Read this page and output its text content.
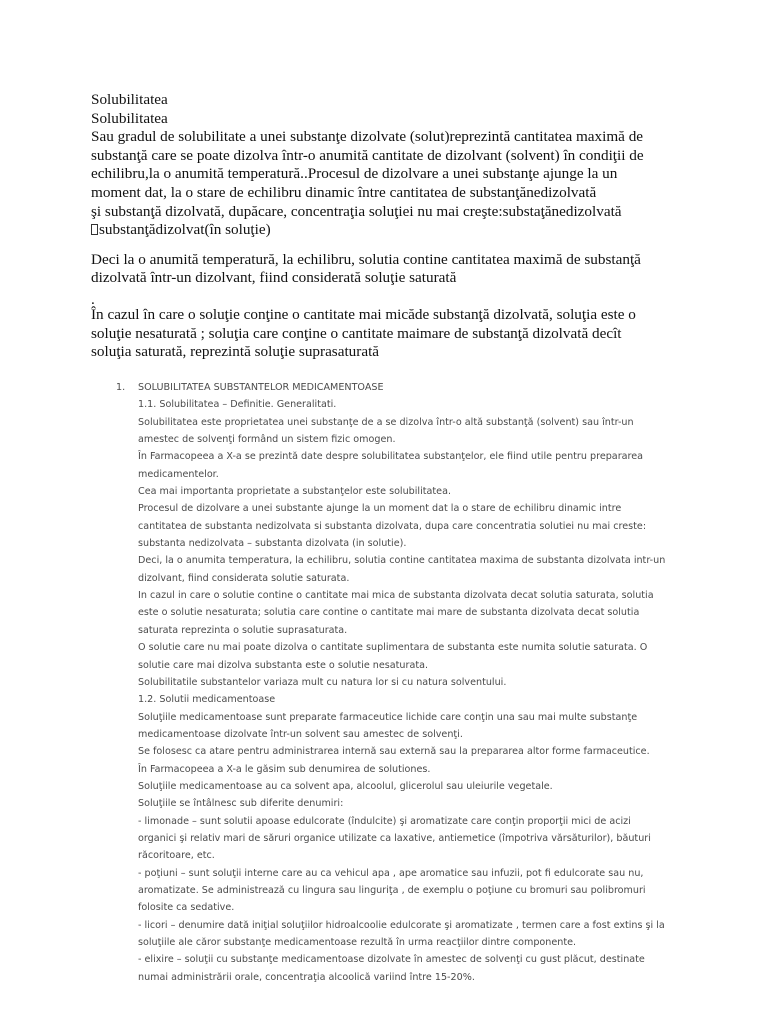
Solubilitatea
Solubilitatea
Sau gradul de solubilitate a unei substanţe dizolvate (solut)reprezintă cantitatea maximă de
substanţă care se poate dizolva într-o anumită cantitate de dizolvant (solvent) în condiţii de
echilibru,la o anumită temperatură..Procesul de dizolvare a unei substanţe ajunge la un
moment dat, la o stare de echilibru dinamic între cantitatea de substanţănedizolvată
şi substanţă dizolvată, dupăcare, concentraţia soluţiei nu mai creşte:substaţănedizolvată
substanţădizolvat(în soluţie)
Deci la o anumită temperatură, la echilibru, solutia contine cantitatea maximă de substanţă
dizolvată într-un dizolvant, fiind considerată soluţie saturată
.
În cazul în care o soluţie conţine o cantitate mai micăde substanţă dizolvată, soluţia este o
soluţie nesaturată ; soluţia care conţine o cantitate maimare de substanţă dizolvată decît
soluţia saturată, reprezintă soluţie suprasaturată
1. SOLUBILITATEA SUBSTANTELOR MEDICAMENTOASE
1.1. Solubilitatea – Definitie. Generalitati.
Solubilitatea este proprietatea unei substanţe de a se dizolva într-o altă substanţă (solvent) sau într-un
amestec de solvenţi formând un sistem fizic omogen.
În Farmacopeea a X-a se prezintă date despre solubilitatea substanţelor, ele fiind utile pentru prepararea
medicamentelor.
Cea mai importanta proprietate a substanţelor este solubilitatea.
Procesul de dizolvare a unei substante ajunge la un moment dat la o stare de echilibru dinamic intre
cantitatea de substanta nedizolvata si substanta dizolvata, dupa care concentratia solutiei nu mai creste:
substanta nedizolvata – substanta dizolvata (in solutie).
Deci, la o anumita temperatura, la echilibru, solutia contine cantitatea maxima de substanta dizolvata intr-un
dizolvant, fiind considerata solutie saturata.
In cazul in care o solutie contine o cantitate mai mica de substanta dizolvata decat solutia saturata, solutia
este o solutie nesaturata; solutia care contine o cantitate mai mare de substanta dizolvata decat solutia
saturata reprezinta o solutie suprasaturata.
O solutie care nu mai poate dizolva o cantitate suplimentara de substanta este numita solutie saturata. O
solutie care mai dizolva substanta este o solutie nesaturata.
Solubilitatile substantelor variaza mult cu natura lor si cu natura solventului.
1.2. Solutii medicamentoase
Soluţiile medicamentoase sunt preparate farmaceutice lichide care conţin una sau mai multe substanţe
medicamentoase dizolvate într-un solvent sau amestec de solvenţi.
Se folosesc ca atare pentru administrarea internă sau externă sau la prepararea altor forme farmaceutice.
În Farmacopeea a X-a le găsim sub denumirea de solutiones.
Soluţiile medicamentoase au ca solvent apa, alcoolul, glicerolul sau uleiurile vegetale.
Soluţiile se întâlnesc sub diferite denumiri:
- limonade – sunt solutii apoase edulcorate (îndulcite) şi aromatizate care conţin proporţii mici de acizi
organici şi relativ mari de săruri organice utilizate ca laxative, antiemetice (împotriva vărsăturilor), băuturi
răcoritoare, etc.
- poţiuni – sunt soluţii interne care au ca vehicul apa , ape aromatice sau infuzii, pot fi edulcorate sau nu,
aromatizate. Se administrează cu lingura sau linguriţa , de exemplu o poţiune cu bromuri sau polibromuri
folosite ca sedative.
- licori – denumire dată iniţial soluţiilor hidroalcoolie edulcorate şi aromatizate , termen care a fost extins şi la
soluţiile ale căror substanţe medicamentoase rezultă în urma reacţiilor dintre componente.
- elixire – soluţii cu substanţe medicamentoase dizolvate în amestec de solvenţi cu gust plăcut, destinate
numai administrării orale, concentraţia alcoolică variind între 15-20%.
